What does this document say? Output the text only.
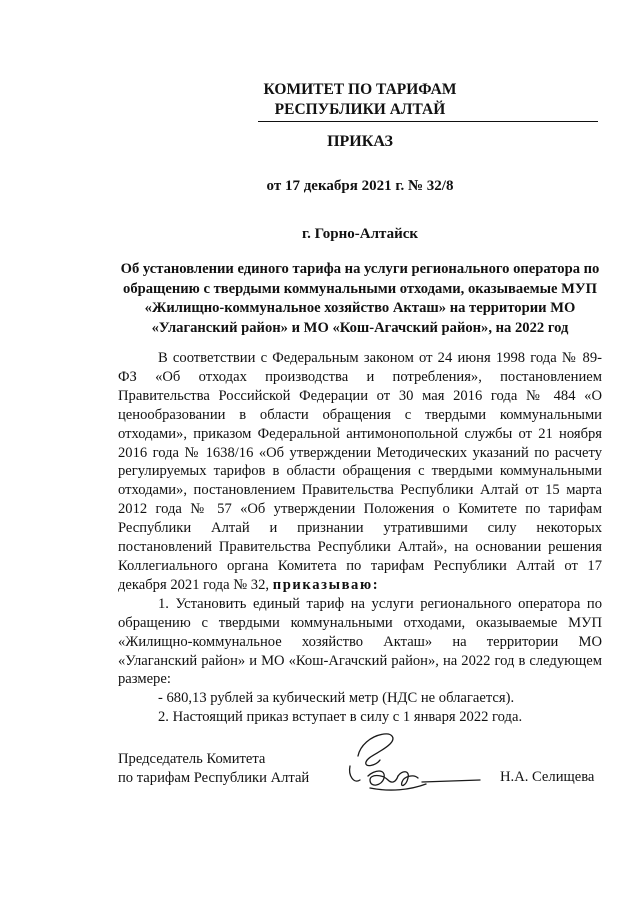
КОМИТЕТ ПО ТАРИФАМ
РЕСПУБЛИКИ АЛТАЙ
ПРИКАЗ
от 17 декабря 2021 г. № 32/8
г. Горно-Алтайск
Об установлении единого тарифа на услуги регионального оператора по обращению с твердыми коммунальными отходами, оказываемые МУП «Жилищно-коммунальное хозяйство Акташ» на территории МО «Улаганский район» и МО «Кош-Агачский район», на 2022 год

В соответствии с Федеральным законом от 24 июня 1998 года № 89-ФЗ «Об отходах производства и потребления», постановлением Правительства Российской Федерации от 30 мая 2016 года № 484 «О ценообразовании в области обращения с твердыми коммунальными отходами», приказом Федеральной антимонопольной службы от 21 ноября 2016 года № 1638/16 «Об утверждении Методических указаний по расчету регулируемых тарифов в области обращения с твердыми коммунальными отходами», постановлением Правительства Республики Алтай от 15 марта 2012 года № 57 «Об утверждении Положения о Комитете по тарифам Республики Алтай и признании утратившими силу некоторых постановлений Правительства Республики Алтай», на основании решения Коллегиального органа Комитета по тарифам Республики Алтай от 17 декабря 2021 года № 32, приказываю:

1. Установить единый тариф на услуги регионального оператора по обращению с твердыми коммунальными отходами, оказываемые МУП «Жилищно-коммунальное хозяйство Акташ» на территории МО «Улаганский район» и МО «Кош-Агачский район», на 2022 год в следующем размере:

- 680,13 рублей за кубический метр (НДС не облагается).

2. Настоящий приказ вступает в силу с 1 января 2022 года.

Председатель Комитета
по тарифам Республики Алтай	Н.А. Селищева
